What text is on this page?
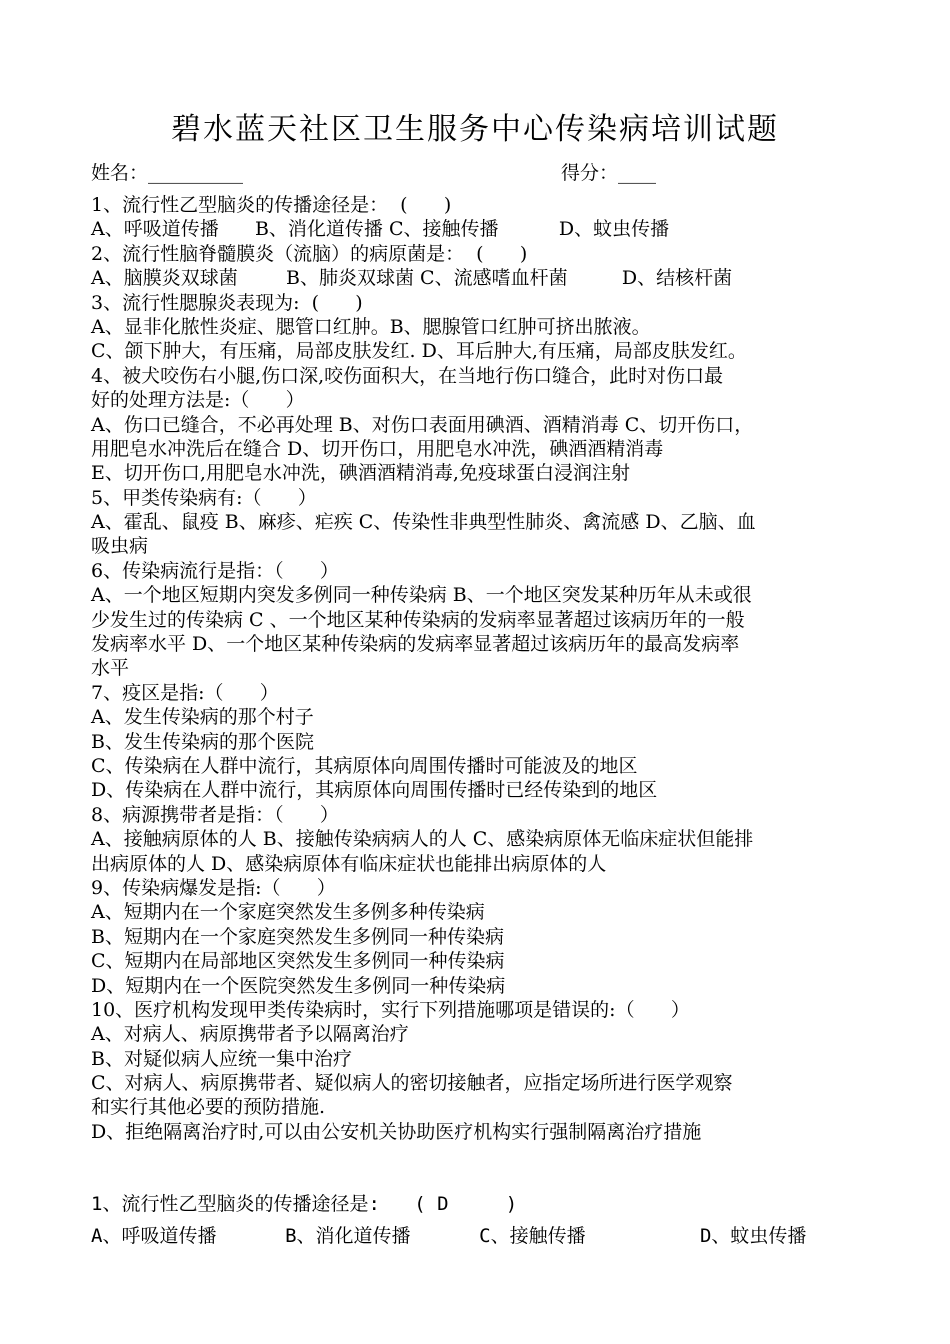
碧水蓝天社区卫生服务中心传染病培训试题
姓名：__________	得分：____
1、流行性乙型脑炎的传播途径是：  (      )
A、呼吸道传播      B、消化道传播 C、接触传播          D、蚊虫传播
2、流行性脑脊髓膜炎（流脑）的病原菌是：  (      )
A、脑膜炎双球菌        B、肺炎双球菌 C、流感嗜血杆菌         D、结核杆菌
3、流行性腮腺炎表现为:  (      )
A、显非化脓性炎症、腮管口红肿。B、腮腺管口红肿可挤出脓液。
C、颌下肿大，有压痛，局部皮肤发红. D、耳后肿大,有压痛，局部皮肤发红。
4、被犬咬伤右小腿,伤口深,咬伤面积大，在当地行伤口缝合，此时对伤口最
好的处理方法是:（      ）
A、伤口已缝合，不必再处理 B、对伤口表面用碘酒、酒精消毒 C、切开伤口，
用肥皂水冲洗后在缝合 D、切开伤口，用肥皂水冲洗，碘酒酒精消毒
E、切开伤口,用肥皂水冲洗，碘酒酒精消毒,免疫球蛋白浸润注射
5、甲类传染病有:（      ）
A、霍乱、鼠疫 B、麻疹、疟疾 C、传染性非典型性肺炎、禽流感 D、乙脑、血
吸虫病
6、传染病流行是指：（      ）
A、一个地区短期内突发多例同一种传染病 B、一个地区突发某种历年从未或很
少发生过的传染病 C 、一个地区某种传染病的发病率显著超过该病历年的一般
发病率水平 D、一个地区某种传染病的发病率显著超过该病历年的最高发病率
水平
7、疫区是指:（      ）
A、发生传染病的那个村子
B、发生传染病的那个医院
C、传染病在人群中流行，其病原体向周围传播时可能波及的地区
D、传染病在人群中流行，其病原体向周围传播时已经传染到的地区
8、病源携带者是指：（      ）
A、接触病原体的人 B、接触传染病病人的人 C、感染病原体无临床症状但能排
出病原体的人 D、感染病原体有临床症状也能排出病原体的人
9、传染病爆发是指:（      ）
A、短期内在一个家庭突然发生多例多种传染病
B、短期内在一个家庭突然发生多例同一种传染病
C、短期内在局部地区突然发生多例同一种传染病
D、短期内在一个医院突然发生多例同一种传染病
10、医疗机构发现甲类传染病时，实行下列措施哪项是错误的:（      ）
A、对病人、病原携带者予以隔离治疗
B、对疑似病人应统一集中治疗
C、对病人、病原携带者、疑似病人的密切接触者，应指定场所进行医学观察
和实行其他必要的预防措施.
D、拒绝隔离治疗时,可以由公安机关协助医疗机构实行强制隔离治疗措施
1、流行性乙型脑炎的传播途径是:   ( D     )
A、呼吸道传播      B、消化道传播      C、接触传播          D、蚊虫传播
